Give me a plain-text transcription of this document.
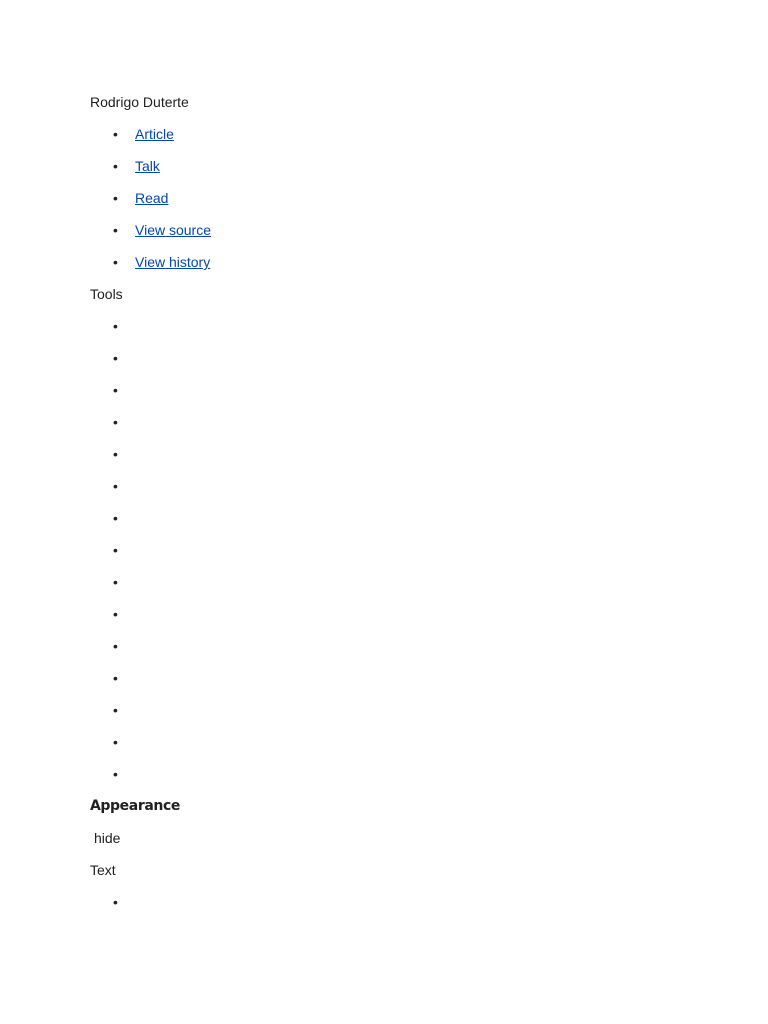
Rodrigo Duterte
• Article
• Talk
• Read
• View source
• View history
Tools
•
•
•
•
•
•
•
•
•
•
•
•
•
•
•
Appearance
hide
Text
•
